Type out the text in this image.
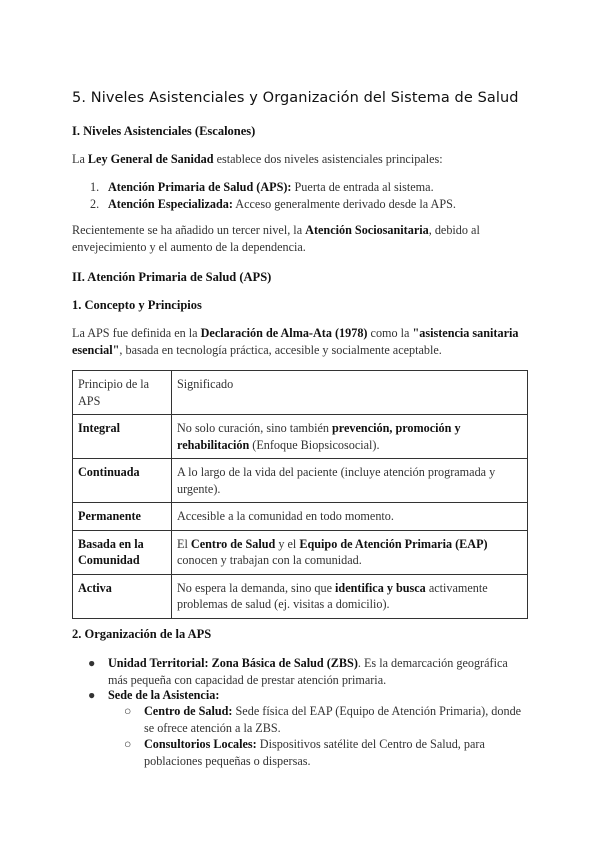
5. Niveles Asistenciales y Organización del Sistema de Salud
I. Niveles Asistenciales (Escalones)
La Ley General de Sanidad establece dos niveles asistenciales principales:
1. Atención Primaria de Salud (APS): Puerta de entrada al sistema.
2. Atención Especializada: Acceso generalmente derivado desde la APS.
Recientemente se ha añadido un tercer nivel, la Atención Sociosanitaria, debido al envejecimiento y el aumento de la dependencia.
II. Atención Primaria de Salud (APS)
1. Concepto y Principios
La APS fue definida en la Declaración de Alma-Ata (1978) como la "asistencia sanitaria esencial", basada en tecnología práctica, accesible y socialmente aceptable.
Principio de la APS	Significado
Integral	No solo curación, sino también prevención, promoción y rehabilitación (Enfoque Biopsicosocial).
Continuada	A lo largo de la vida del paciente (incluye atención programada y urgente).
Permanente	Accesible a la comunidad en todo momento.
Basada en la Comunidad	El Centro de Salud y el Equipo de Atención Primaria (EAP) conocen y trabajan con la comunidad.
Activa	No espera la demanda, sino que identifica y busca activamente problemas de salud (ej. visitas a domicilio).
2. Organización de la APS
● Unidad Territorial: Zona Básica de Salud (ZBS). Es la demarcación geográfica más pequeña con capacidad de prestar atención primaria.
● Sede de la Asistencia:
○ Centro de Salud: Sede física del EAP (Equipo de Atención Primaria), donde se ofrece atención a la ZBS.
○ Consultorios Locales: Dispositivos satélite del Centro de Salud, para poblaciones pequeñas o dispersas.
